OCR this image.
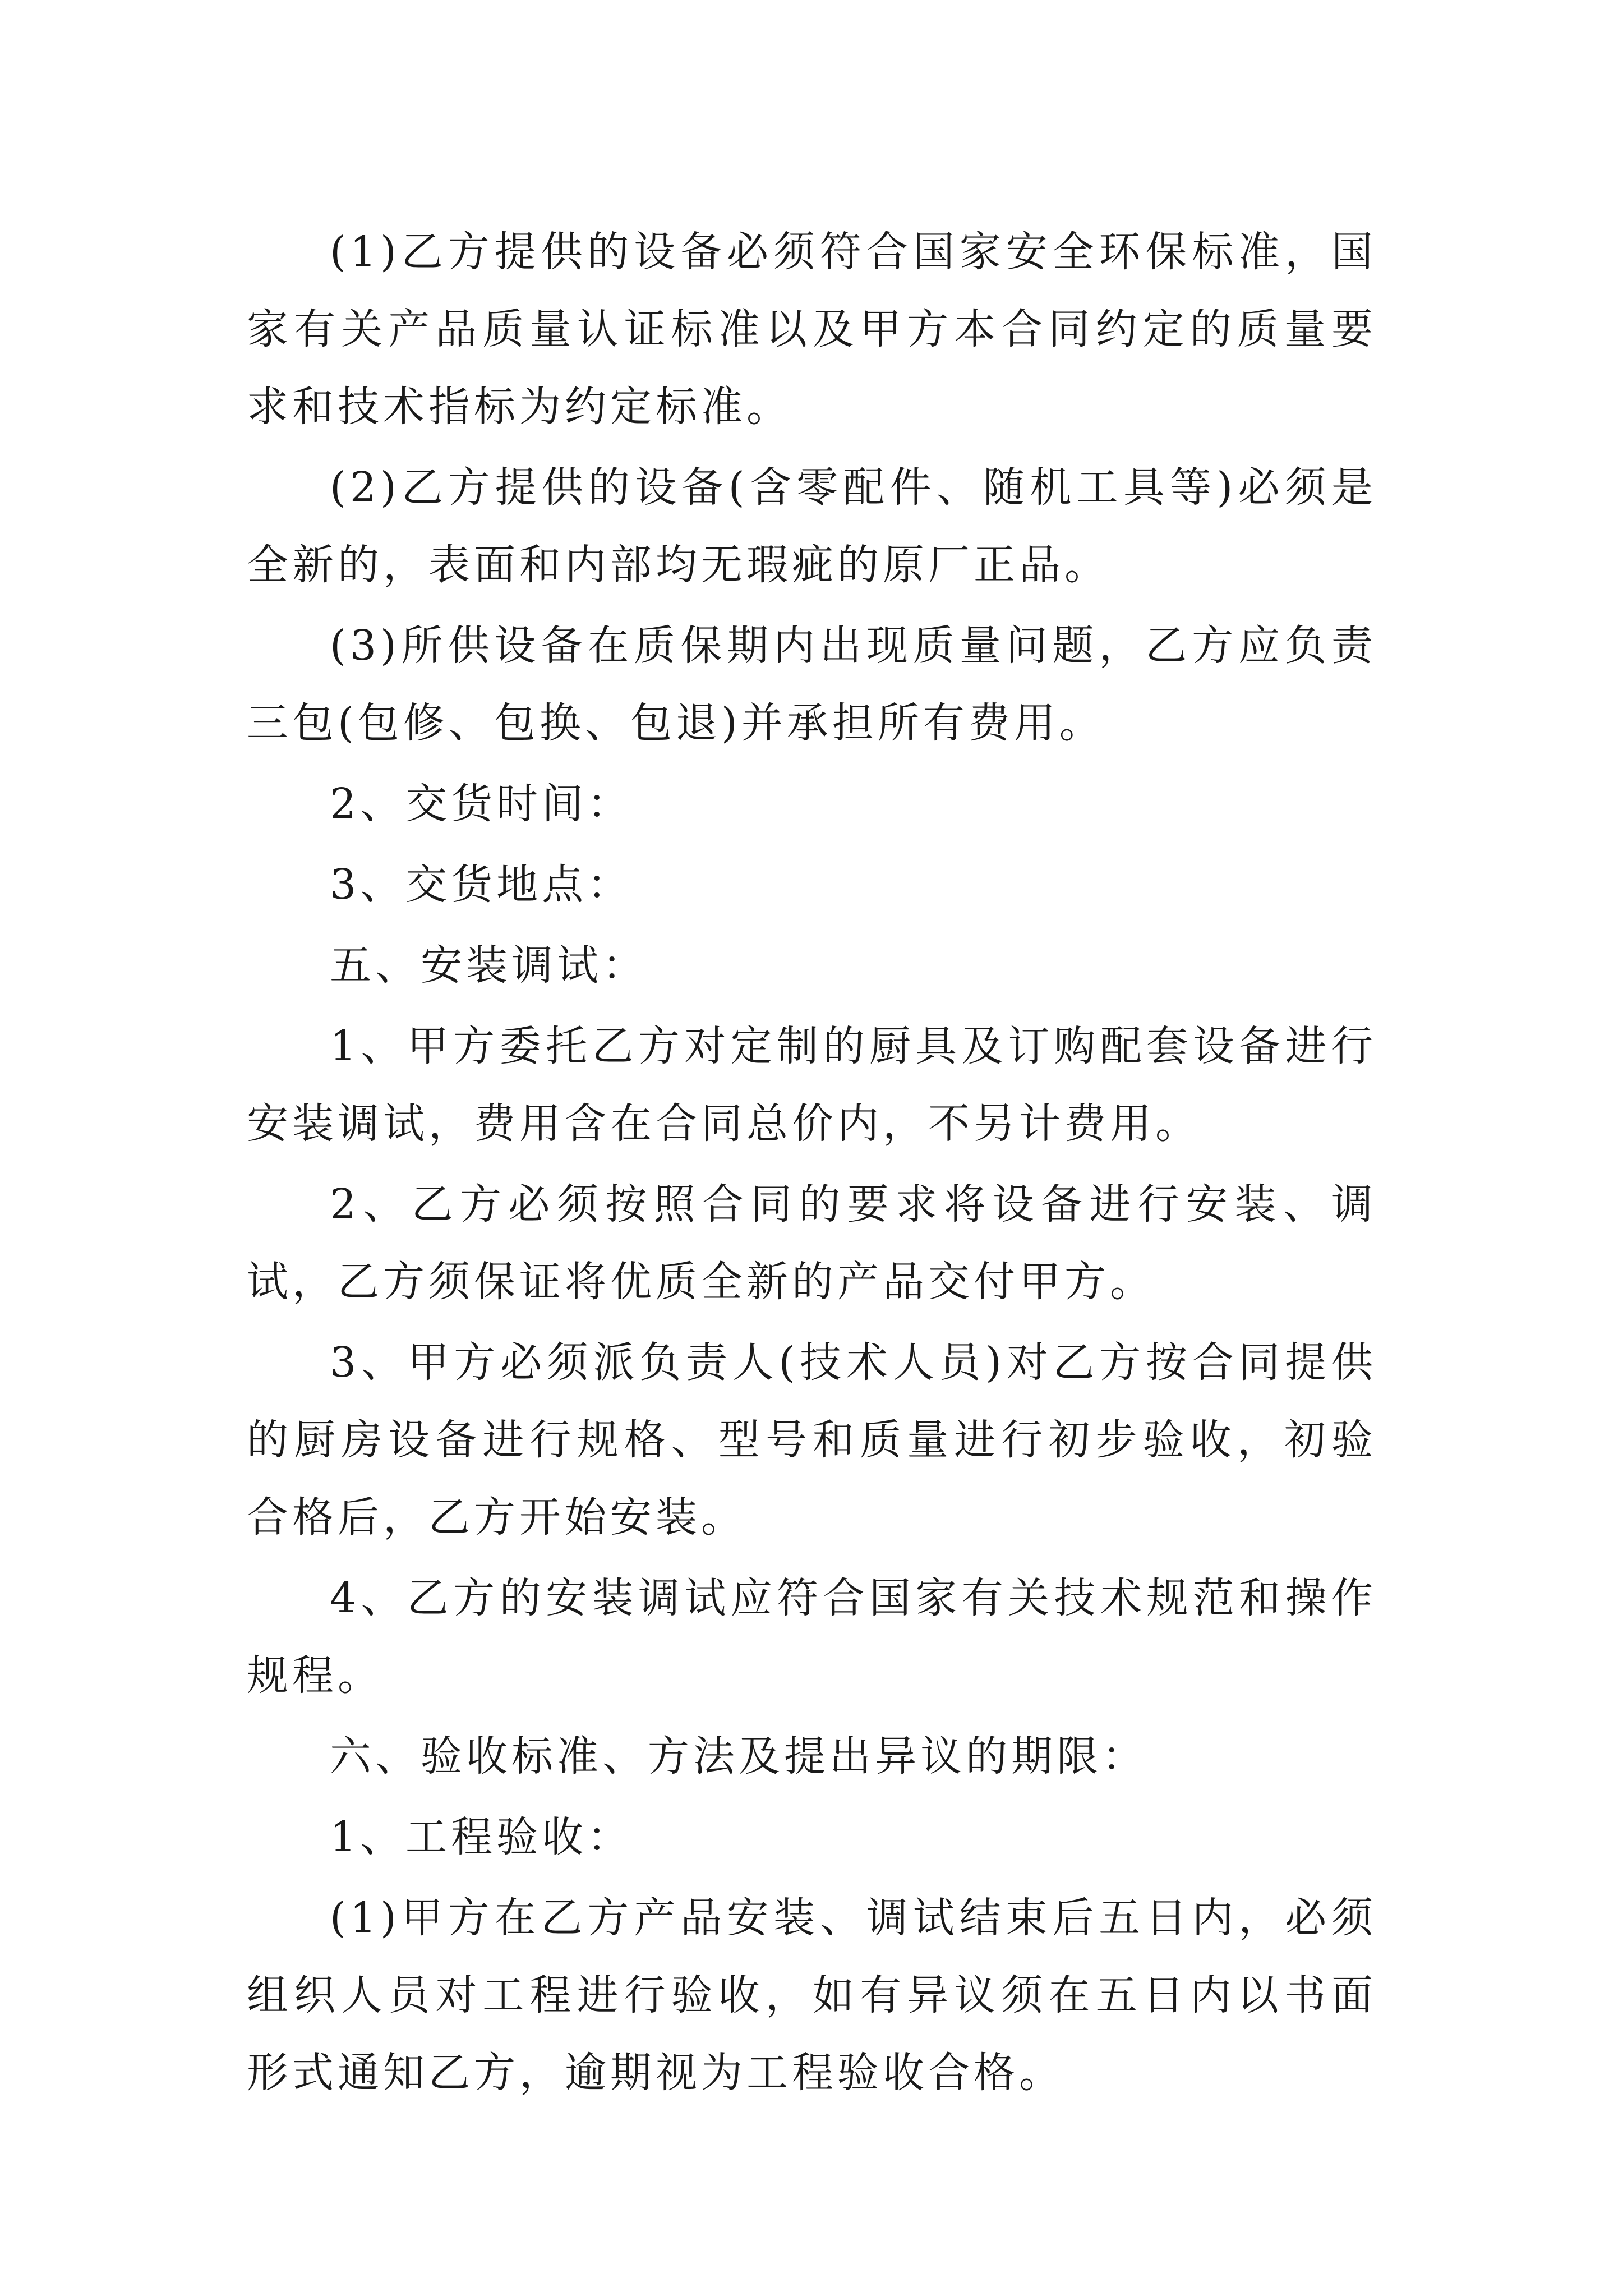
(1)乙方提供的设备必须符合国家安全环保标准，国家有关产品质量认证标准以及甲方本合同约定的质量要求和技术指标为约定标准。

(2)乙方提供的设备(含零配件、随机工具等)必须是全新的，表面和内部均无瑕疵的原厂正品。

(3)所供设备在质保期内出现质量问题，乙方应负责三包(包修、包换、包退)并承担所有费用。

2、交货时间：

3、交货地点：

五、安装调试：

1、甲方委托乙方对定制的厨具及订购配套设备进行安装调试，费用含在合同总价内，不另计费用。

2、乙方必须按照合同的要求将设备进行安装、调试，乙方须保证将优质全新的产品交付甲方。

3、甲方必须派负责人(技术人员)对乙方按合同提供的厨房设备进行规格、型号和质量进行初步验收，初验合格后，乙方开始安装。

4、乙方的安装调试应符合国家有关技术规范和操作规程。

六、验收标准、方法及提出异议的期限：

1、工程验收：

(1)甲方在乙方产品安装、调试结束后五日内，必须组织人员对工程进行验收，如有异议须在五日内以书面形式通知乙方，逾期视为工程验收合格。
